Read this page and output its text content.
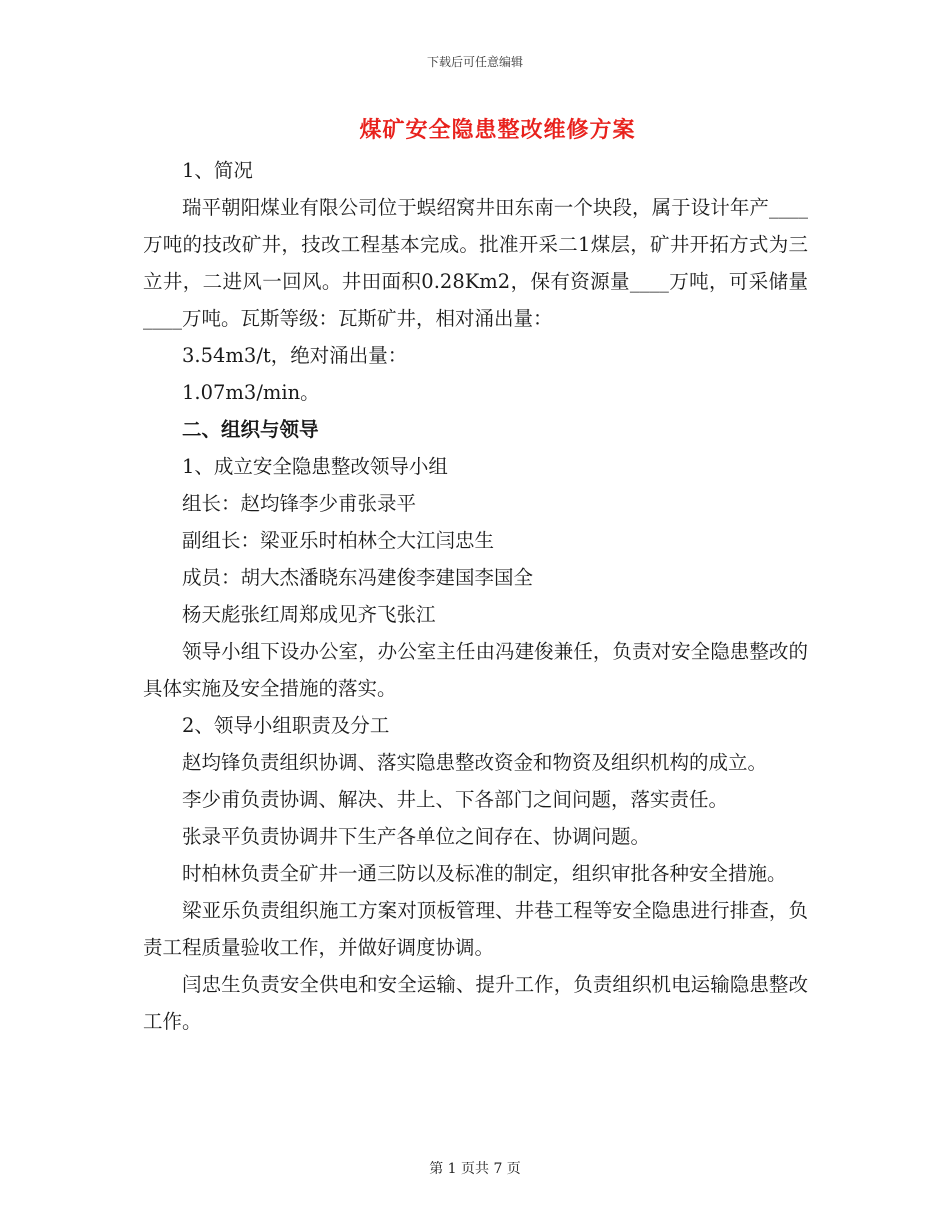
下载后可任意编辑
煤矿安全隐患整改维修方案

1、简况

瑞平朝阳煤业有限公司位于蜈绍窝井田东南一个块段，属于设计年产____万吨的技改矿井，技改工程基本完成。批准开采二1煤层，矿井开拓方式为三立井，二进风一回风。井田面积0.28Km2，保有资源量____万吨，可采储量____万吨。瓦斯等级：瓦斯矿井，相对涌出量：

3.54m3/t，绝对涌出量：

1.07m3/min。

二、组织与领导

1、成立安全隐患整改领导小组

组长：赵均锋李少甫张录平

副组长：梁亚乐时柏林仝大江闫忠生

成员：胡大杰潘晓东冯建俊李建国李国全

杨天彪张红周郑成见齐飞张江

领导小组下设办公室，办公室主任由冯建俊兼任，负责对安全隐患整改的具体实施及安全措施的落实。

2、领导小组职责及分工

赵均锋负责组织协调、落实隐患整改资金和物资及组织机构的成立。

李少甫负责协调、解决、井上、下各部门之间问题，落实责任。

张录平负责协调井下生产各单位之间存在、协调问题。

时柏林负责全矿井一通三防以及标准的制定，组织审批各种安全措施。

梁亚乐负责组织施工方案对顶板管理、井巷工程等安全隐患进行排查，负责工程质量验收工作，并做好调度协调。

闫忠生负责安全供电和安全运输、提升工作，负责组织机电运输隐患整改工作。

第 1 页共 7 页
